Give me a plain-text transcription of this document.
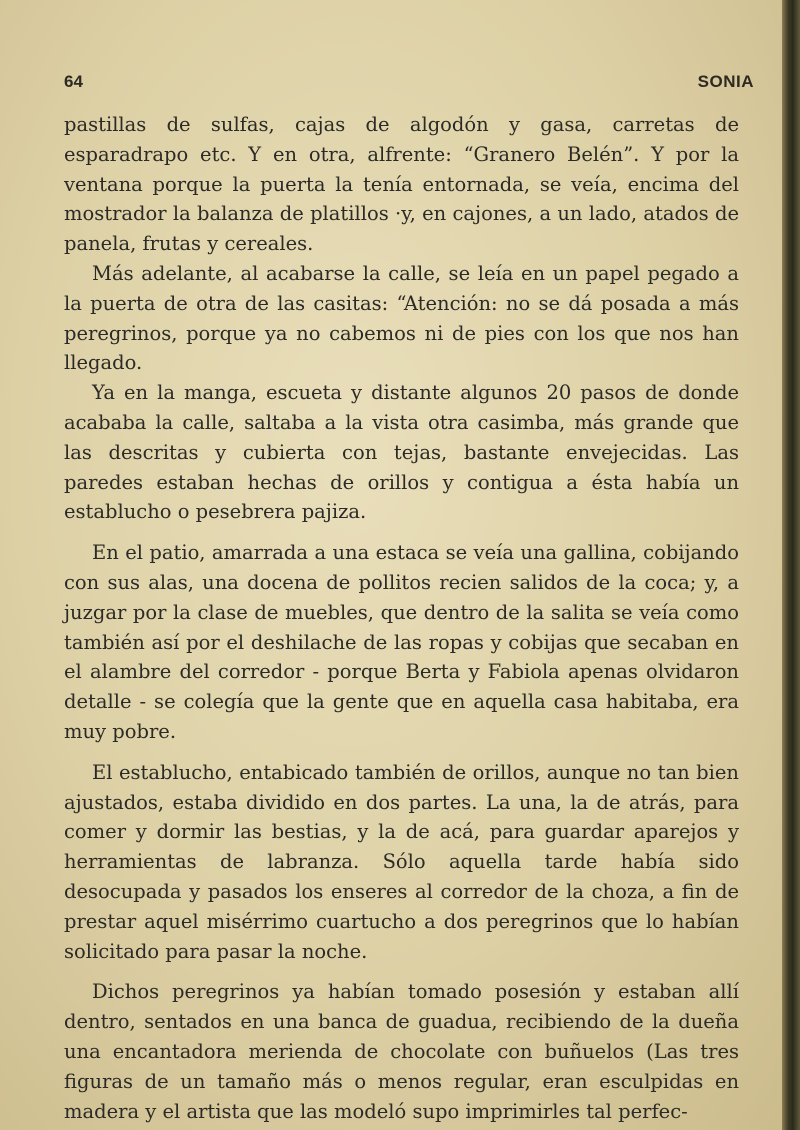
64	SONIA

pastillas de sulfas, cajas de algodón y gasa, carretas de esparadrapo etc. Y en otra, alfrente: “Granero Belén”. Y por la ventana porque la puerta la tenía entornada, se veía, encima del mostrador la balanza de platillos ·y, en cajones, a un lado, atados de panela, frutas y cereales.

Más adelante, al acabarse la calle, se leía en un papel pegado a la puerta de otra de las casitas: “Atención: no se dá posada a más peregrinos, porque ya no cabemos ni de pies con los que nos han llegado.

Ya en la manga, escueta y distante algunos 20 pasos de donde acababa la calle, saltaba a la vista otra casimba, más grande que las descritas y cubierta con tejas, bastante envejecidas. Las paredes estaban hechas de orillos y contigua a ésta había un establucho o pesebrera pajiza.

En el patio, amarrada a una estaca se veía una gallina, cobijando con sus alas, una docena de pollitos recien salidos de la coca; y, a juzgar por la clase de muebles, que dentro de la salita se veía como también así por el deshilache de las ropas y cobijas que secaban en el alambre del corredor - porque Berta y Fabiola apenas olvidaron detalle - se colegía que la gente que en aquella casa habitaba, era muy pobre.

El establucho, entabicado también de orillos, aunque no tan bien ajustados, estaba dividido en dos partes. La una, la de atrás, para comer y dormir las bestias, y la de acá, para guardar aparejos y herramientas de labranza. Sólo aquella tarde había sido desocupada y pasados los enseres al corredor de la choza, a fin de prestar aquel misérrimo cuartucho a dos peregrinos que lo habían solicitado para pasar la noche.

Dichos peregrinos ya habían tomado posesión y estaban allí dentro, sentados en una banca de guadua, recibiendo de la dueña una encantadora merienda de chocolate con buñuelos (Las tres figuras de un tamaño más o menos regular, eran esculpidas en madera y el artista que las modeló supo imprimirles tal perfec-
